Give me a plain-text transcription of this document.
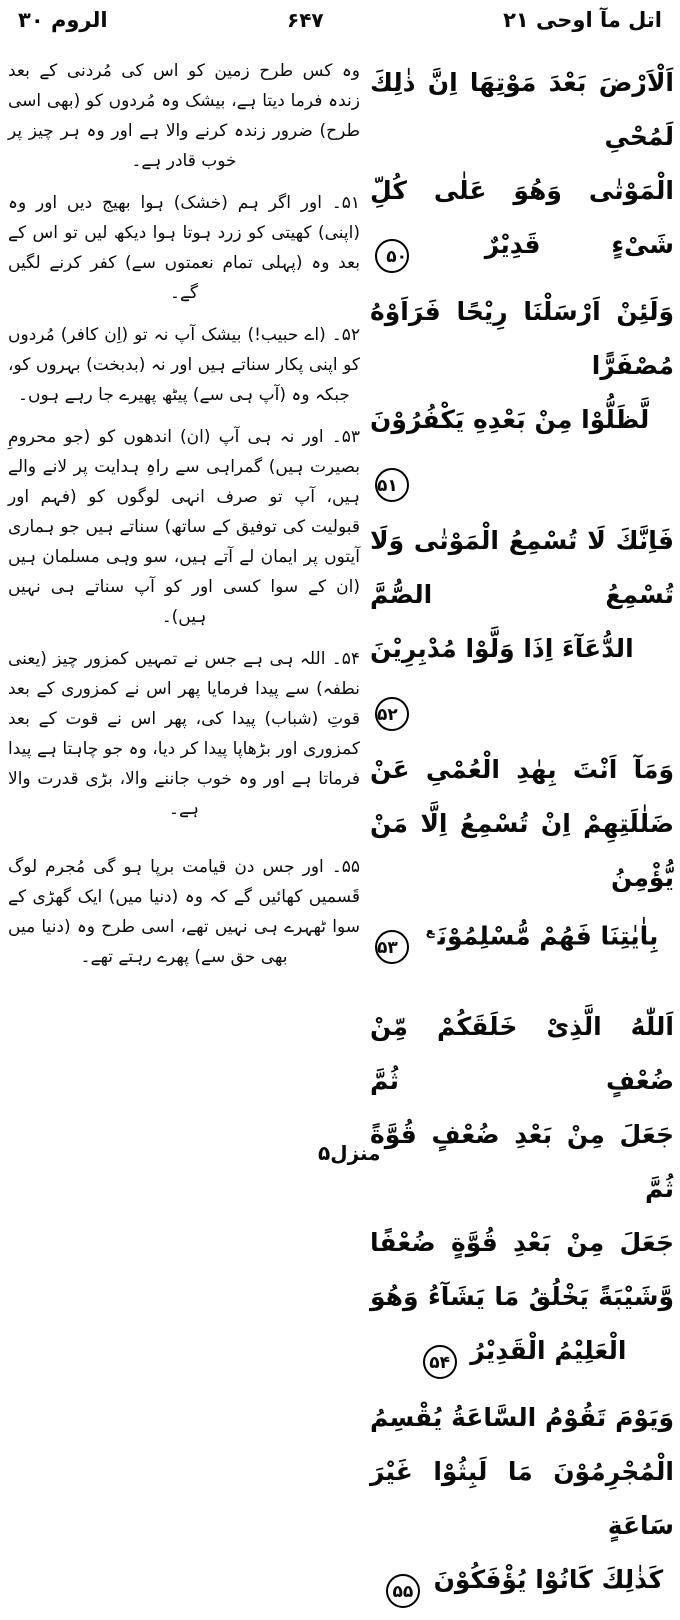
اتل مآ اوحی ۲۱
۶۴۷
الروم ۳۰
اَلْاَرْضَ بَعْدَ مَوْتِهَا اِنَّ ذٰلِكَ لَمُحْیِ
الْمَوْتٰی وَهُوَ عَلٰی كُلِّ شَیْءٍ قَدِیْرٌ ۵۰
وَلَئِنْ اَرْسَلْنَا رِیْحًا فَرَاَوْهُ مُصْفَرًّا
لَّظَلُّوْا مِنْ بَعْدِهِ یَكْفُرُوْنَ ۵۱
فَاِنَّكَ لَا تُسْمِعُ الْمَوْتٰی وَلَا تُسْمِعُ الصُّمَّ
الدُّعَآءَ اِذَا وَلَّوْا مُدْبِرِیْنَ ۵۲
وَمَآ اَنْتَ بِهٰدِ الْعُمْیِ عَنْ
ضَلٰلَتِهِمْ اِنْ تُسْمِعُ اِلَّا مَنْ یُّؤْمِنُ
بِاٰیٰتِنَا فَهُمْ مُّسْلِمُوْنَ$^ع$ ۵۳
اَللّٰهُ الَّذِیْ خَلَقَكُمْ مِّنْ ضُعْفٍ ثُمَّ
جَعَلَ مِنْ بَعْدِ ضُعْفٍ قُوَّةً ثُمَّ
جَعَلَ مِنْ بَعْدِ قُوَّةٍ ضُعْفًا
وَّشَیْبَةً یَخْلُقُ مَا یَشَآءُ وَهُوَ
الْعَلِیْمُ الْقَدِیْرُ ۵۴
وَیَوْمَ تَقُوْمُ السَّاعَةُ یُقْسِمُ
الْمُجْرِمُوْنَ مَا لَبِثُوْا غَیْرَ سَاعَةٍ
كَذٰلِكَ كَانُوْا یُؤْفَكُوْنَ ۵۵

وہ کس طرح زمین کو اس کی مُردنی کے بعد زندہ فرما دیتا ہے، بیشک وہ مُردوں کو (بھی اسی طرح) ضرور زندہ کرنے والا ہے اور وہ ہر چیز پر خوب قادر ہے۔

۵۱۔ اور اگر ہم (خشک) ہوا بھیج دیں اور وہ (اپنی) کھیتی کو زرد ہوتا ہوا دیکھ لیں تو اس کے بعد وہ (پہلی تمام نعمتوں سے) کفر کرنے لگیں گے۔

۵۲۔ (اے حبیب!) بیشک آپ نہ تو (اِن کافر) مُردوں کو اپنی پکار سناتے ہیں اور نہ (بدبخت) بہروں کو، جبکہ وہ (آپ ہی سے) پیٹھ پھیرے جا رہے ہوں۔

۵۳۔ اور نہ ہی آپ (ان) اندھوں کو (جو محرومِ بصیرت ہیں) گمراہی سے راہِ ہدایت پر لانے والے ہیں، آپ تو صرف انہی لوگوں کو (فہم اور قبولیت کی توفیق کے ساتھ) سناتے ہیں جو ہماری آیتوں پر ایمان لے آتے ہیں، سو وہی مسلمان ہیں (ان کے سوا کسی اور کو آپ سناتے ہی نہیں ہیں)۔

۵۴۔ اللہ ہی ہے جس نے تمہیں کمزور چیز (یعنی نطفہ) سے پیدا فرمایا پھر اس نے کمزوری کے بعد قوتِ (شباب) پیدا کی، پھر اس نے قوت کے بعد کمزوری اور بڑھاپا پیدا کر دیا، وہ جو چاہتا ہے پیدا فرماتا ہے اور وہ خوب جاننے والا، بڑی قدرت والا ہے۔

۵۵۔ اور جس دن قیامت برپا ہو گی مُجرم لوگ قَسمیں کھائیں گے کہ وہ (دنیا میں) ایک گھڑی کے سوا ٹھہرے ہی نہیں تھے، اسی طرح وہ (دنیا میں بھی حق سے) پھرے رہتے تھے۔

منزل۵
